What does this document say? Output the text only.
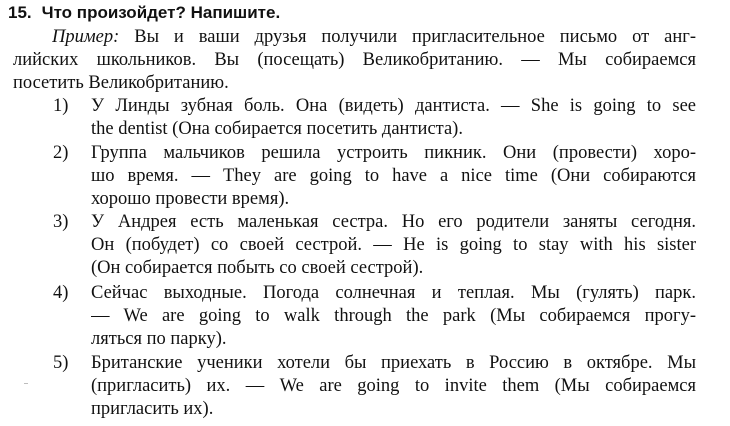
15. Что произойдет? Напишите.
Пример: Вы и ваши друзья получили пригласительное письмо от анг-
лийских школьников. Вы (посещать) Великобританию. — Мы собираемся
посетить Великобританию.
1) У Линды зубная боль. Она (видеть) дантиста. — She is going to see
the dentist (Она собирается посетить дантиста).
2) Группа мальчиков решила устроить пикник. Они (провести) хоро-
шо время. — They are going to have a nice time (Они собираются
хорошо провести время).
3) У Андрея есть маленькая сестра. Но его родители заняты сегодня.
Он (побудет) со своей сестрой. — He is going to stay with his sister
(Он собирается побыть со своей сестрой).
4) Сейчас выходные. Погода солнечная и теплая. Мы (гулять) парк.
— We are going to walk through the park (Мы собираемся прогу-
ляться по парку).
5) Британские ученики хотели бы приехать в Россию в октябре. Мы
(пригласить) их. — We are going to invite them (Мы собираемся
пригласить их).
